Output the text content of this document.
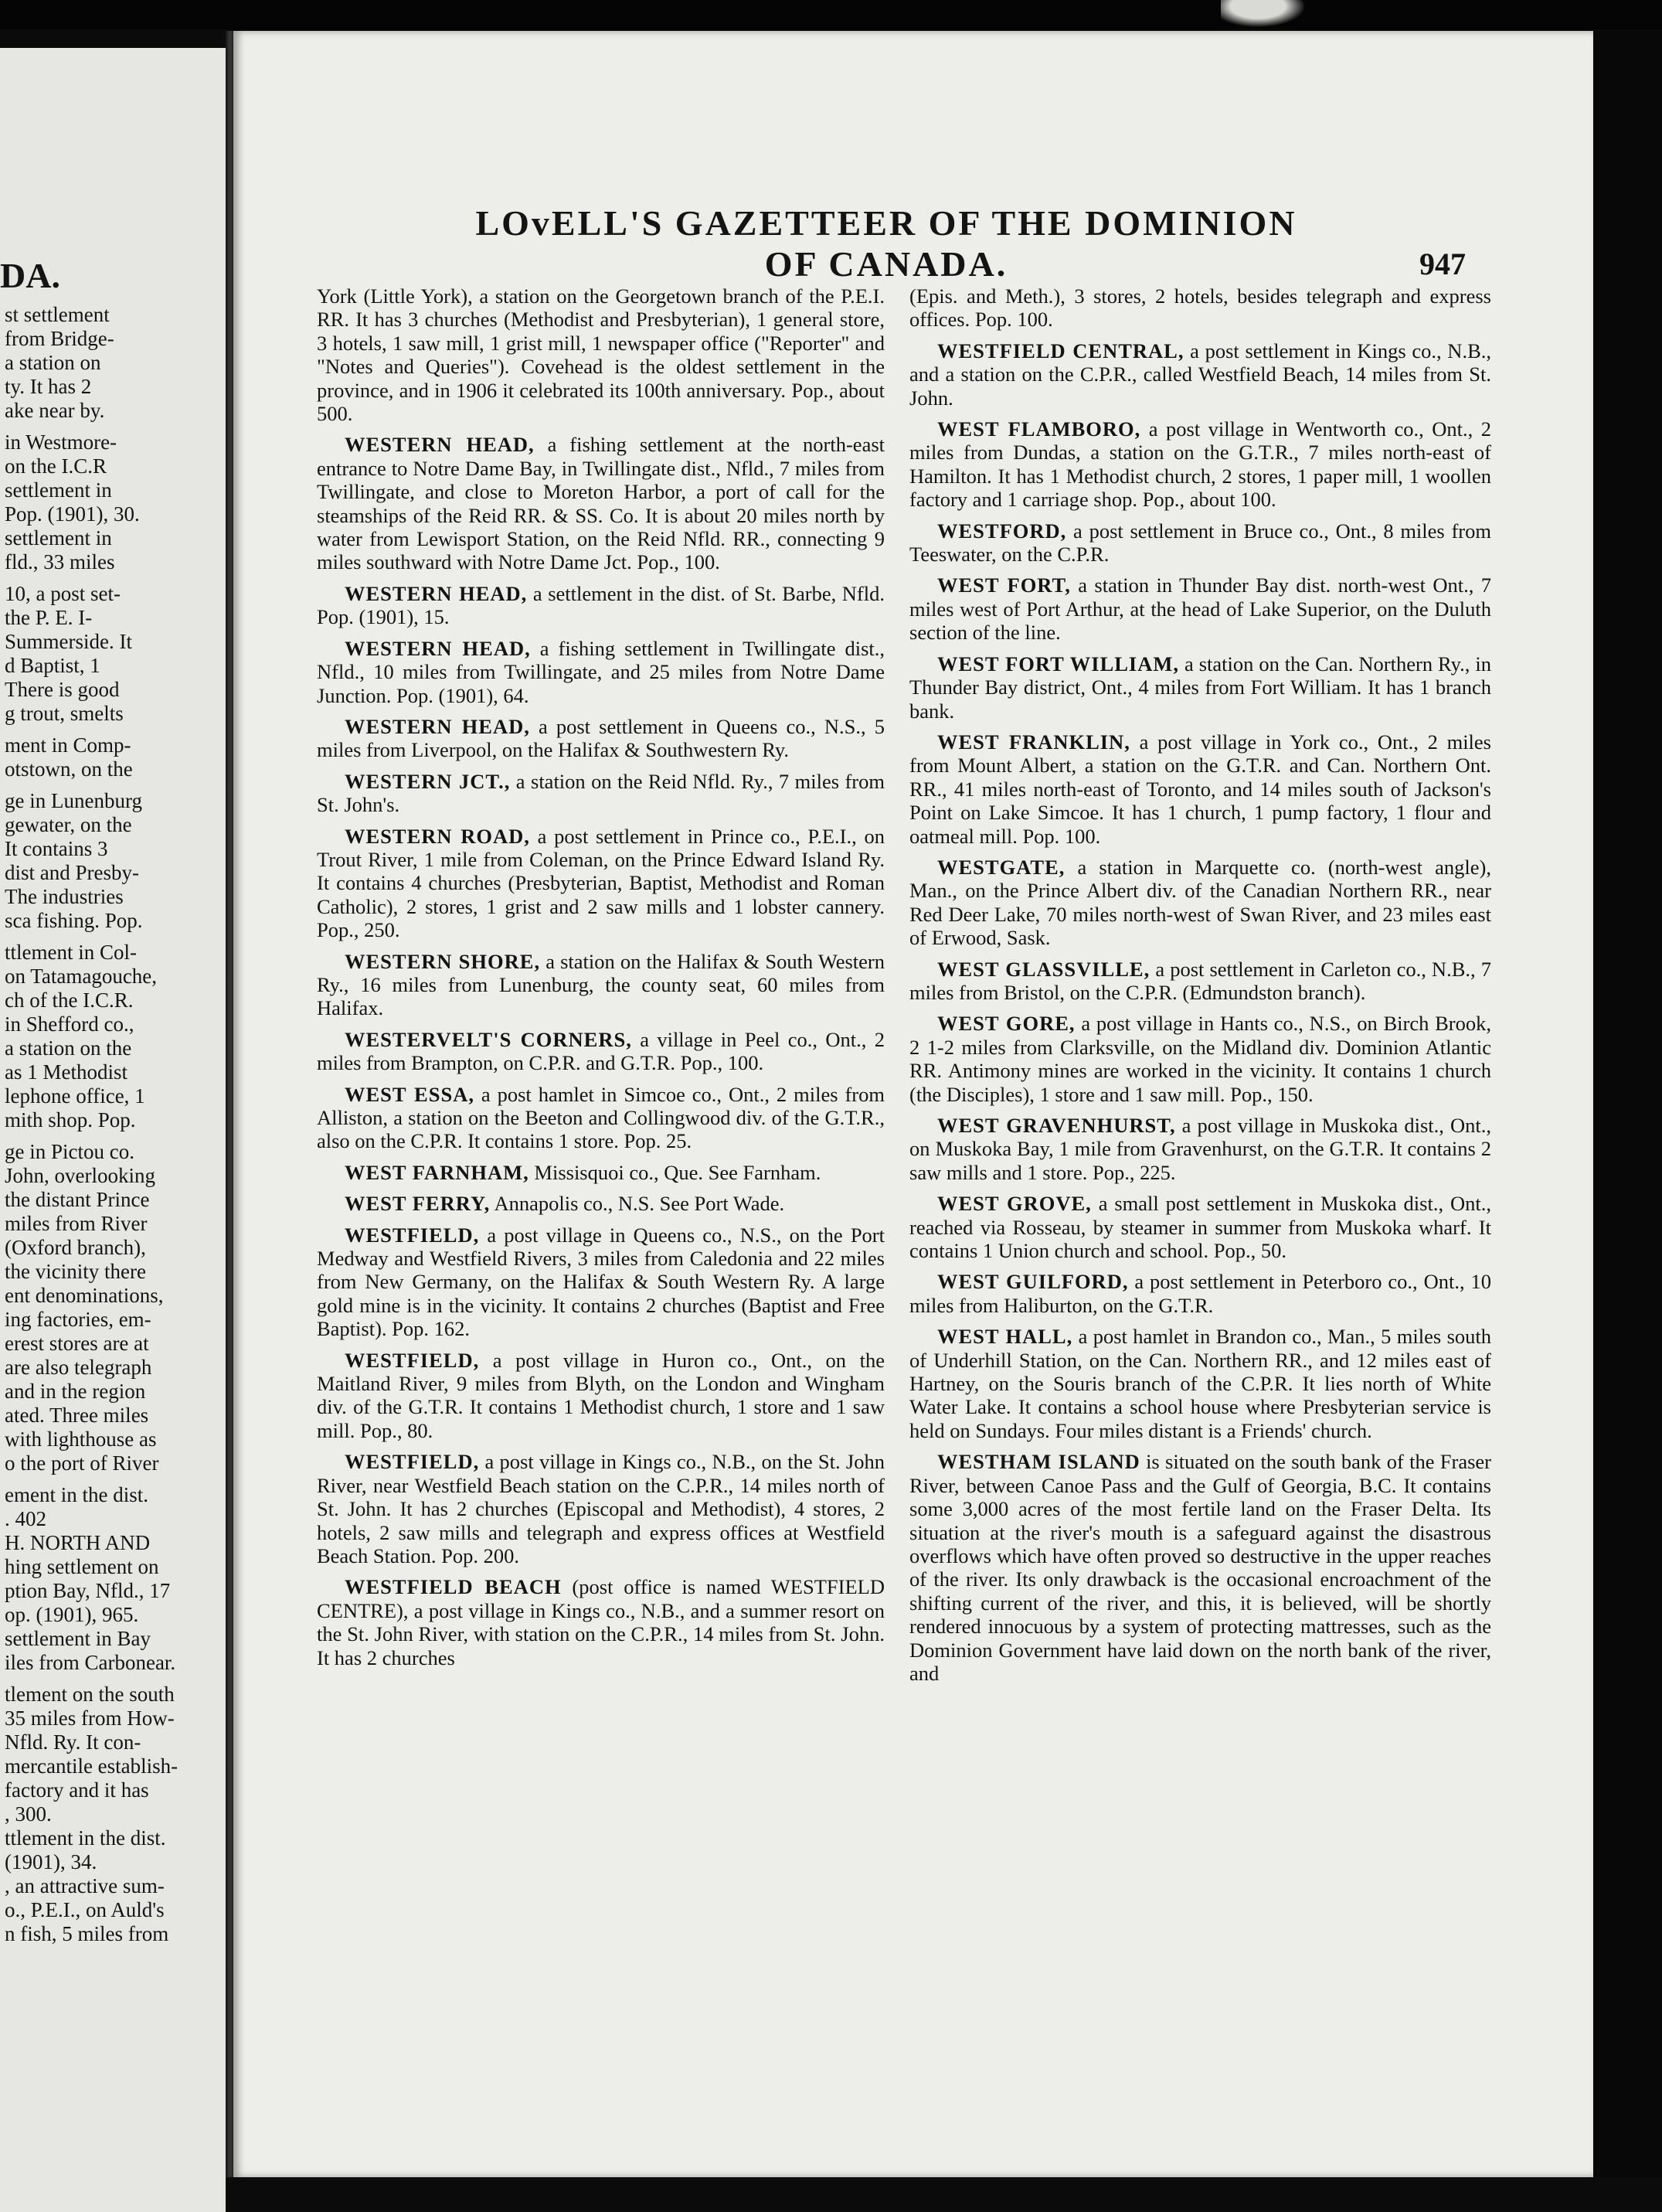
DA.
st settlement
from Bridge-
a station on
ty. It has 2
ake near by.

in Westmore-
on the I.C.R
settlement in
Pop. (1901), 30.
settlement in
fld., 33 miles

10, a post set-
the P. E. I-
Summerside. It
d Baptist, 1
There is good
g trout, smelts

ment in Comp-
otstown, on the

ge in Lunenburg
gewater, on the
It contains 3
dist and Presby-
The industries
sca fishing. Pop.

ttlement in Col-
on Tatamagouche,
ch of the I.C.R.
in Shefford co.,
a station on the
as 1 Methodist
lephone office, 1
mith shop. Pop.

ge in Pictou co.
John, overlooking
the distant Prince
miles from River
(Oxford branch),
the vicinity there
ent denominations,
ing factories, em-
erest stores are at
are also telegraph
and in the region
ated. Three miles
with lighthouse as
o the port of River

ement in the dist.
. 402
H. NORTH AND
hing settlement on
ption Bay, Nfld., 17
op. (1901), 965.
settlement in Bay
iles from Carbonear.

tlement on the south
35 miles from How-
Nfld. Ry. It con-
mercantile establish-
factory and it has
, 300.
ttlement in the dist.
(1901), 34.
, an attractive sum-
o., P.E.I., on Auld's
n fish, 5 miles from
LOvELL'S GAZETTEER OF THE DOMINION OF CANADA.	947

York (Little York), a station on the Georgetown branch of the P.E.I. RR. It has 3 churches (Methodist and Presbyterian), 1 general store, 3 hotels, 1 saw mill, 1 grist mill, 1 newspaper office ("Reporter" and "Notes and Queries"). Covehead is the oldest settlement in the province, and in 1906 it celebrated its 100th anniversary. Pop., about 500.

WESTERN HEAD, a fishing settlement at the north-east entrance to Notre Dame Bay, in Twillingate dist., Nfld., 7 miles from Twillingate, and close to Moreton Harbor, a port of call for the steamships of the Reid RR. & SS. Co. It is about 20 miles north by water from Lewisport Station, on the Reid Nfld. RR., connecting 9 miles southward with Notre Dame Jct. Pop., 100.

WESTERN HEAD, a settlement in the dist. of St. Barbe, Nfld. Pop. (1901), 15.

WESTERN HEAD, a fishing settlement in Twillingate dist., Nfld., 10 miles from Twillingate, and 25 miles from Notre Dame Junction. Pop. (1901), 64.

WESTERN HEAD, a post settlement in Queens co., N.S., 5 miles from Liverpool, on the Halifax & Southwestern Ry.

WESTERN JCT., a station on the Reid Nfld. Ry., 7 miles from St. John's.

WESTERN ROAD, a post settlement in Prince co., P.E.I., on Trout River, 1 mile from Coleman, on the Prince Edward Island Ry. It contains 4 churches (Presbyterian, Baptist, Methodist and Roman Catholic), 2 stores, 1 grist and 2 saw mills and 1 lobster cannery. Pop., 250.

WESTERN SHORE, a station on the Halifax & South Western Ry., 16 miles from Lunenburg, the county seat, 60 miles from Halifax.

WESTERVELT'S CORNERS, a village in Peel co., Ont., 2 miles from Brampton, on C.P.R. and G.T.R. Pop., 100.

WEST ESSA, a post hamlet in Simcoe co., Ont., 2 miles from Alliston, a station on the Beeton and Collingwood div. of the G.T.R., also on the C.P.R. It contains 1 store. Pop. 25.

WEST FARNHAM, Missisquoi co., Que. See Farnham.

WEST FERRY, Annapolis co., N.S. See Port Wade.

WESTFIELD, a post village in Queens co., N.S., on the Port Medway and Westfield Rivers, 3 miles from Caledonia and 22 miles from New Germany, on the Halifax & South Western Ry. A large gold mine is in the vicinity. It contains 2 churches (Baptist and Free Baptist). Pop. 162.

WESTFIELD, a post village in Huron co., Ont., on the Maitland River, 9 miles from Blyth, on the London and Wingham div. of the G.T.R. It contains 1 Methodist church, 1 store and 1 saw mill. Pop., 80.

WESTFIELD, a post village in Kings co., N.B., on the St. John River, near Westfield Beach station on the C.P.R., 14 miles north of St. John. It has 2 churches (Episcopal and Methodist), 4 stores, 2 hotels, 2 saw mills and telegraph and express offices at Westfield Beach Station. Pop. 200.

WESTFIELD BEACH (post office is named WESTFIELD CENTRE), a post village in Kings co., N.B., and a summer resort on the St. John River, with station on the C.P.R., 14 miles from St. John. It has 2 churches

(Epis. and Meth.), 3 stores, 2 hotels, besides telegraph and express offices. Pop. 100.

WESTFIELD CENTRAL, a post settlement in Kings co., N.B., and a station on the C.P.R., called Westfield Beach, 14 miles from St. John.

WEST FLAMBORO, a post village in Wentworth co., Ont., 2 miles from Dundas, a station on the G.T.R., 7 miles north-east of Hamilton. It has 1 Methodist church, 2 stores, 1 paper mill, 1 woollen factory and 1 carriage shop. Pop., about 100.

WESTFORD, a post settlement in Bruce co., Ont., 8 miles from Teeswater, on the C.P.R.

WEST FORT, a station in Thunder Bay dist. north-west Ont., 7 miles west of Port Arthur, at the head of Lake Superior, on the Duluth section of the line.

WEST FORT WILLIAM, a station on the Can. Northern Ry., in Thunder Bay district, Ont., 4 miles from Fort William. It has 1 branch bank.

WEST FRANKLIN, a post village in York co., Ont., 2 miles from Mount Albert, a station on the G.T.R. and Can. Northern Ont. RR., 41 miles north-east of Toronto, and 14 miles south of Jackson's Point on Lake Simcoe. It has 1 church, 1 pump factory, 1 flour and oatmeal mill. Pop. 100.

WESTGATE, a station in Marquette co. (north-west angle), Man., on the Prince Albert div. of the Canadian Northern RR., near Red Deer Lake, 70 miles north-west of Swan River, and 23 miles east of Erwood, Sask.

WEST GLASSVILLE, a post settlement in Carleton co., N.B., 7 miles from Bristol, on the C.P.R. (Edmundston branch).

WEST GORE, a post village in Hants co., N.S., on Birch Brook, 2 1-2 miles from Clarksville, on the Midland div. Dominion Atlantic RR. Antimony mines are worked in the vicinity. It contains 1 church (the Disciples), 1 store and 1 saw mill. Pop., 150.

WEST GRAVENHURST, a post village in Muskoka dist., Ont., on Muskoka Bay, 1 mile from Gravenhurst, on the G.T.R. It contains 2 saw mills and 1 store. Pop., 225.

WEST GROVE, a small post settlement in Muskoka dist., Ont., reached via Rosseau, by steamer in summer from Muskoka wharf. It contains 1 Union church and school. Pop., 50.

WEST GUILFORD, a post settlement in Peterboro co., Ont., 10 miles from Haliburton, on the G.T.R.

WEST HALL, a post hamlet in Brandon co., Man., 5 miles south of Underhill Station, on the Can. Northern RR., and 12 miles east of Hartney, on the Souris branch of the C.P.R. It lies north of White Water Lake. It contains a school house where Presbyterian service is held on Sundays. Four miles distant is a Friends' church.

WESTHAM ISLAND is situated on the south bank of the Fraser River, between Canoe Pass and the Gulf of Georgia, B.C. It contains some 3,000 acres of the most fertile land on the Fraser Delta. Its situation at the river's mouth is a safeguard against the disastrous overflows which have often proved so destructive in the upper reaches of the river. Its only drawback is the occasional encroachment of the shifting current of the river, and this, it is believed, will be shortly rendered innocuous by a system of protecting mattresses, such as the Dominion Government have laid down on the north bank of the river, and
